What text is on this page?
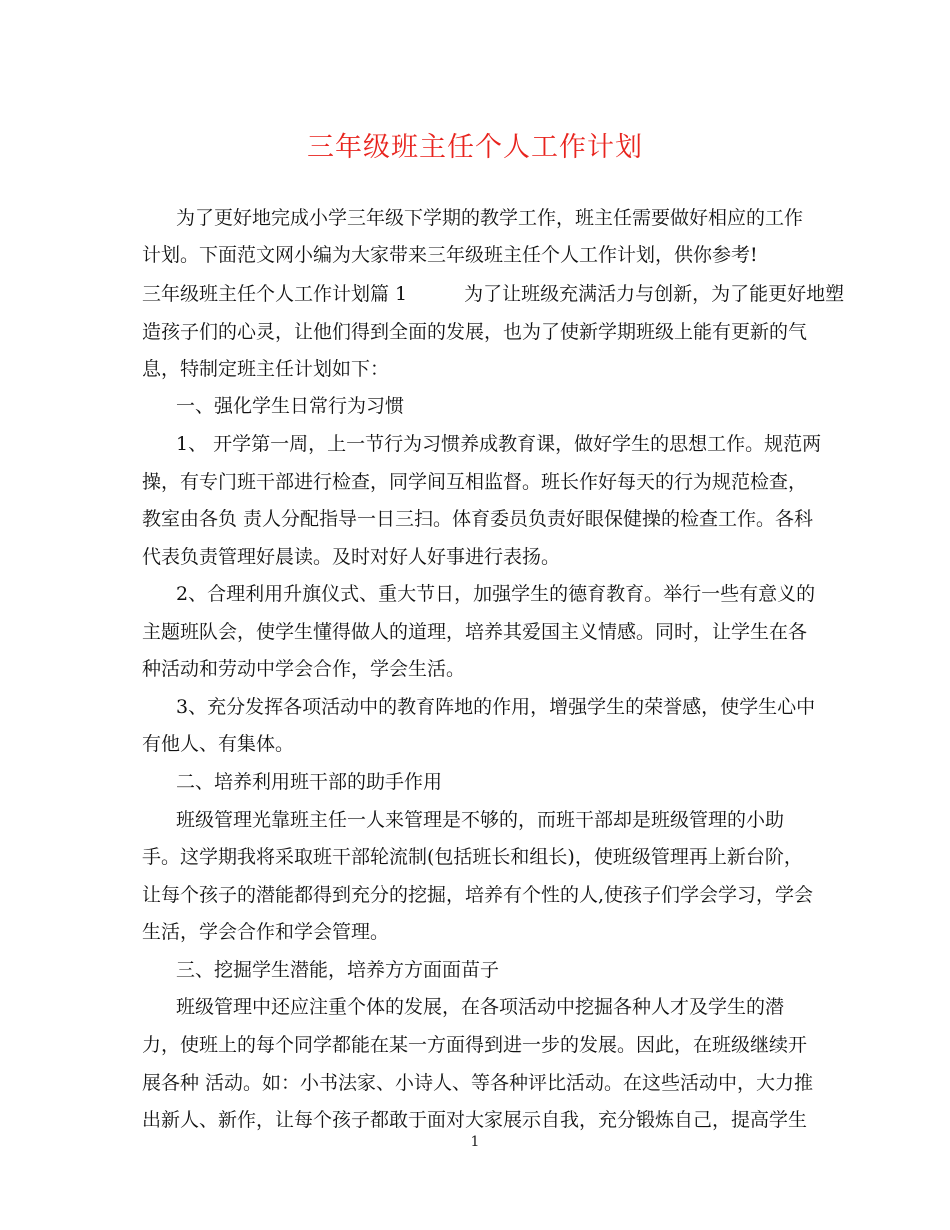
三年级班主任个人工作计划
为了更好地完成小学三年级下学期的教学工作，班主任需要做好相应的工作
计划。下面范文网小编为大家带来三年级班主任个人工作计划，供你参考!
三年级班主任个人工作计划篇 1　　　为了让班级充满活力与创新，为了能更好地塑
造孩子们的心灵，让他们得到全面的发展，也为了使新学期班级上能有更新的气
息，特制定班主任计划如下：
一、强化学生日常行为习惯
1、 开学第一周，上一节行为习惯养成教育课，做好学生的思想工作。规范两
操，有专门班干部进行检查，同学间互相监督。班长作好每天的行为规范检查，
教室由各负 责人分配指导一日三扫。体育委员负责好眼保健操的检查工作。各科
代表负责管理好晨读。及时对好人好事进行表扬。
2、合理利用升旗仪式、重大节日，加强学生的德育教育。举行一些有意义的
主题班队会，使学生懂得做人的道理，培养其爱国主义情感。同时，让学生在各
种活动和劳动中学会合作，学会生活。
3、充分发挥各项活动中的教育阵地的作用，增强学生的荣誉感，使学生心中
有他人、有集体。
二、培养利用班干部的助手作用
班级管理光靠班主任一人来管理是不够的，而班干部却是班级管理的小助
手。这学期我将采取班干部轮流制(包括班长和组长)，使班级管理再上新台阶，
让每个孩子的潜能都得到充分的挖掘，培养有个性的人,使孩子们学会学习，学会
生活，学会合作和学会管理。
三、挖掘学生潜能，培养方方面面苗子
班级管理中还应注重个体的发展，在各项活动中挖掘各种人才及学生的潜
力，使班上的每个同学都能在某一方面得到进一步的发展。因此，在班级继续开
展各种 活动。如：小书法家、小诗人、等各种评比活动。在这些活动中，大力推
出新人、新作，让每个孩子都敢于面对大家展示自我，充分锻炼自己，提高学生
1
